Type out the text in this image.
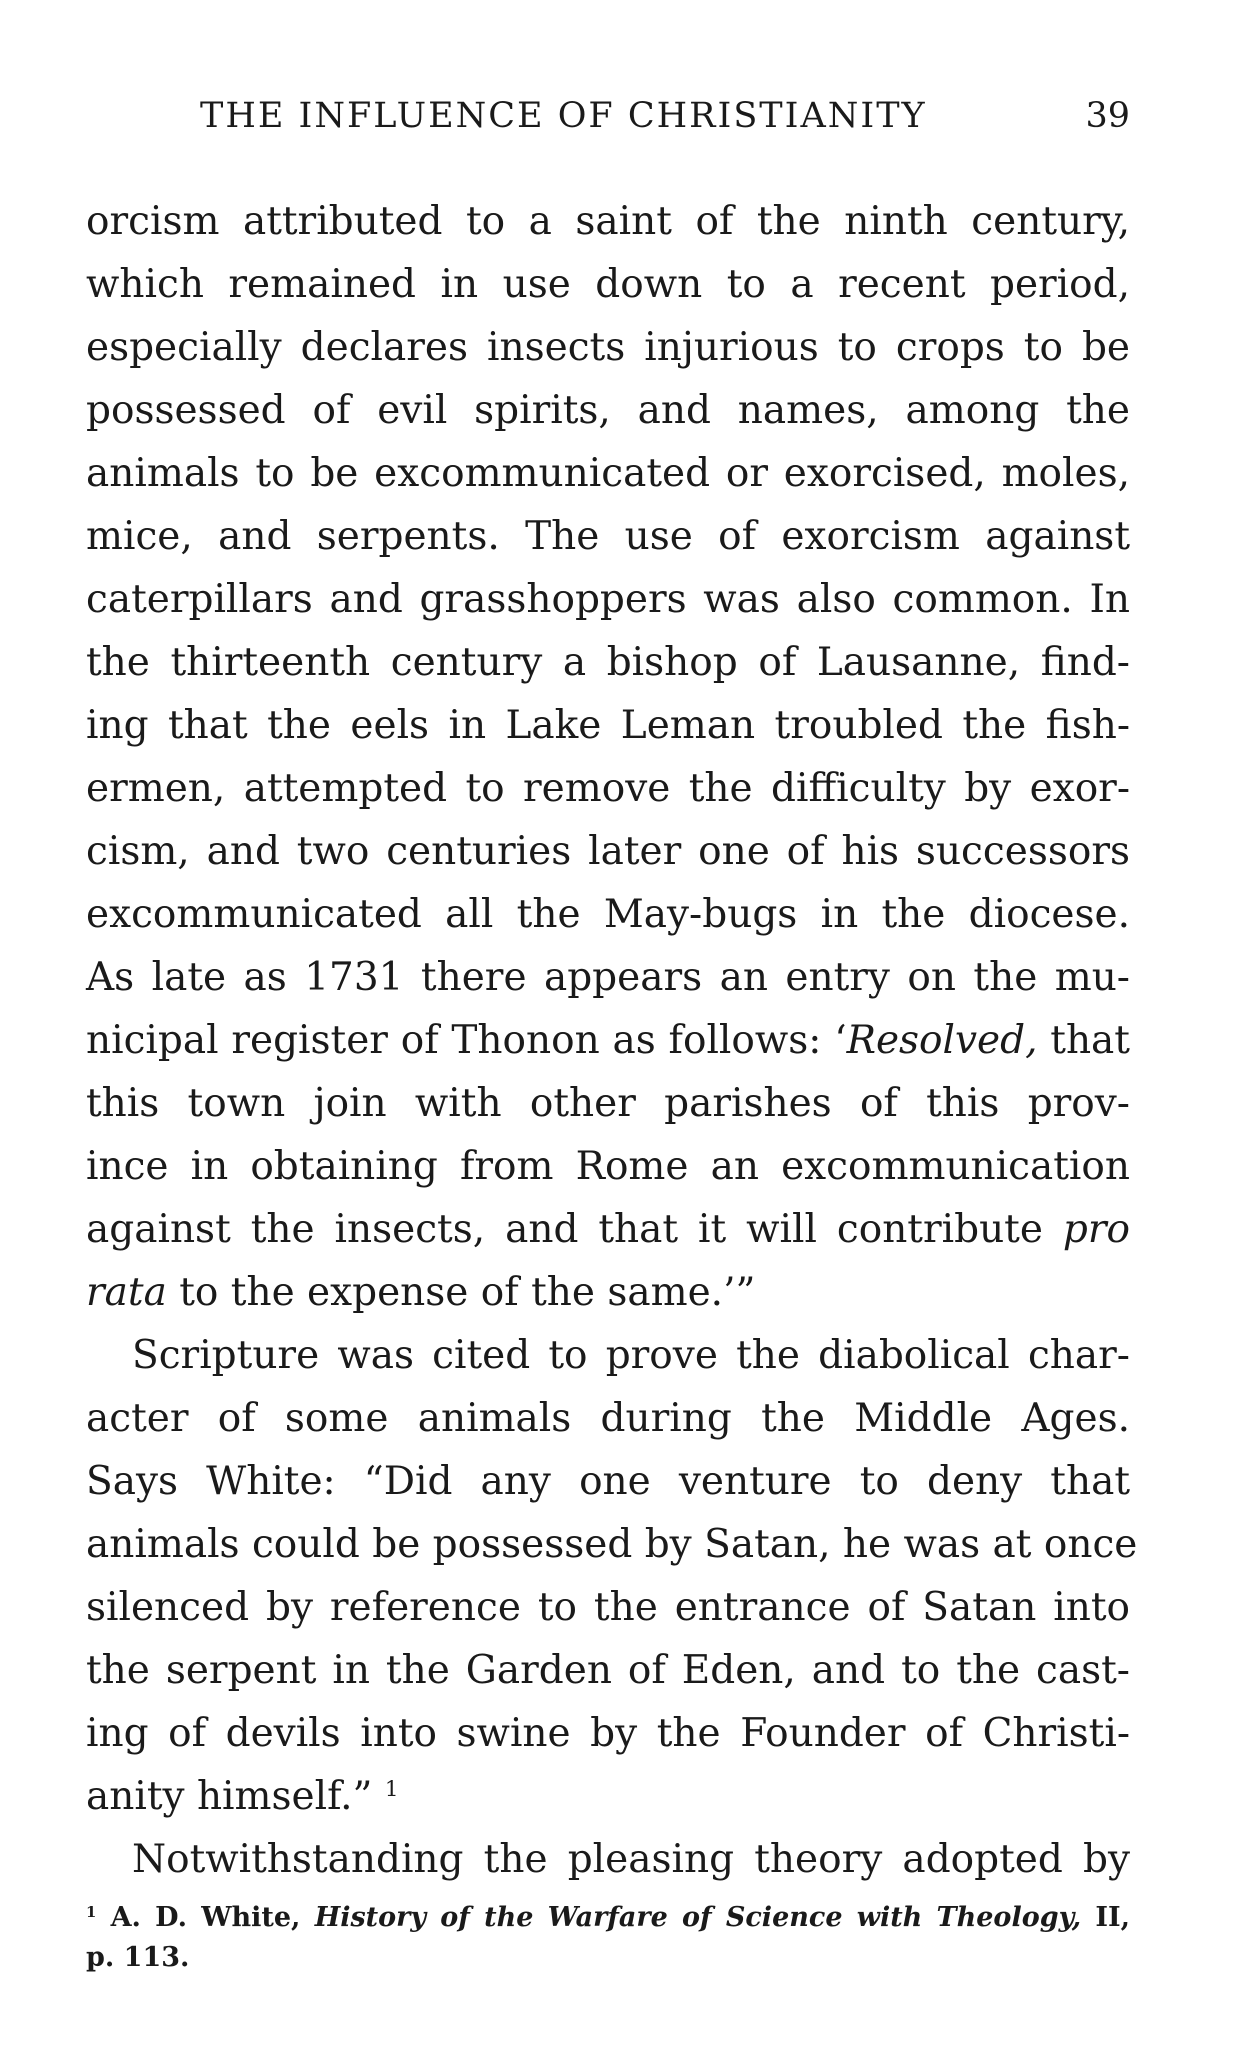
THE INFLUENCE OF CHRISTIANITY	39
orcism attributed to a saint of the ninth century,
which remained in use down to a recent period,
especially declares insects injurious to crops to be
possessed of evil spirits, and names, among the
animals to be excommunicated or exorcised, moles,
mice, and serpents. The use of exorcism against
caterpillars and grasshoppers was also common. In
the thirteenth century a bishop of Lausanne, find-
ing that the eels in Lake Leman troubled the fish-
ermen, attempted to remove the difficulty by exor-
cism, and two centuries later one of his successors
excommunicated all the May-bugs in the diocese.
As late as 1731 there appears an entry on the mu-
nicipal register of Thonon as follows: ‘Resolved, that
this town join with other parishes of this prov-
ince in obtaining from Rome an excommunication
against the insects, and that it will contribute pro
rata to the expense of the same.’”
Scripture was cited to prove the diabolical char-
acter of some animals during the Middle Ages.
Says White: “Did any one venture to deny that
animals could be possessed by Satan, he was at once
silenced by reference to the entrance of Satan into
the serpent in the Garden of Eden, and to the cast-
ing of devils into swine by the Founder of Christi-
anity himself.” $^1$
Notwithstanding the pleasing theory adopted by
$^1$ A. D. White, History of the Warfare of Science with Theology, II,
p. 113.
